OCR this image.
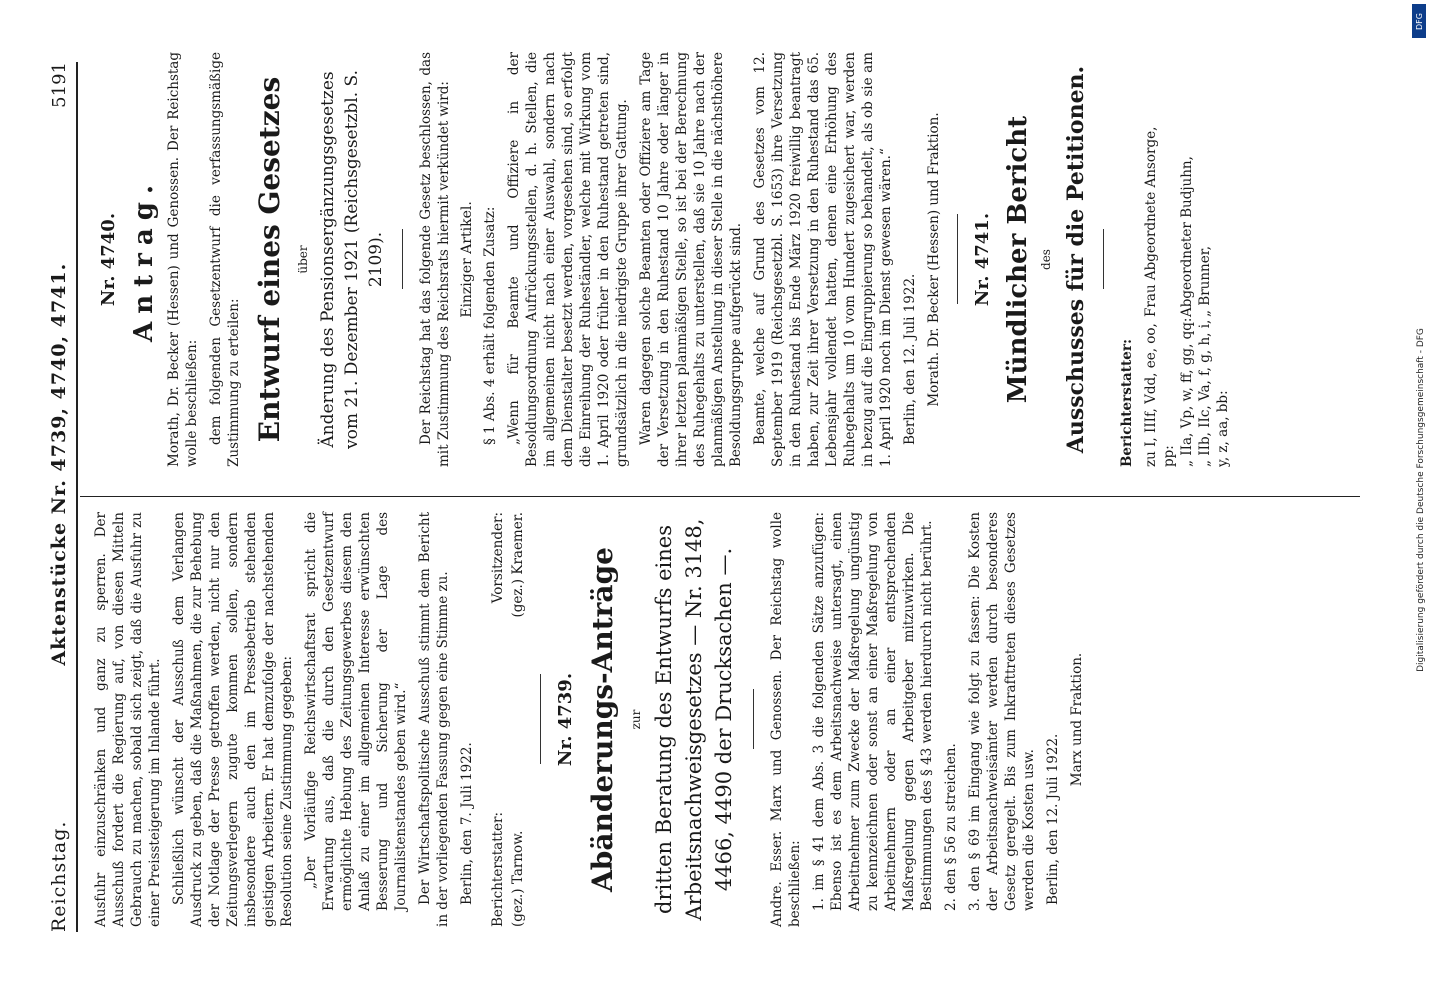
Reichstag.
Aktenstücke Nr. 4739, 4740, 4741.
5191

Ausfuhr einzuschränken und ganz zu sperren. Der Ausschuß fordert die Regierung auf, von diesen Mitteln Gebrauch zu machen, sobald sich zeigt, daß die Ausfuhr zu einer Preissteigerung im Inlande führt. Schließlich wünscht der Ausschuß dem Verlangen Ausdruck zu geben, daß die Maßnahmen, die zur Behebung der Notlage der Presse getroffen werden, nicht nur den Zeitungsverlegern zugute kommen sollen, sondern insbesondere auch den im Pressebetrieb stehenden geistigen Arbeitern. Er hat demzufolge der nachstehenden Resolution seine Zustimmung gegeben: „Der Vorläufige Reichswirtschaftsrat spricht die Erwartung aus, daß die durch den Gesetzentwurf ermöglichte Hebung des Zeitungsgewerbes diesem den Anlaß zu einer im allgemeinen Interesse erwünschten Besserung und Sicherung der Lage des Journalistenstandes geben wird.“ Der Wirtschaftspolitische Ausschuß stimmt dem Bericht in der vorliegenden Fassung gegen eine Stimme zu. Berlin, den 7. Juli 1922. Berichterstatter:
Vorsitzender:
(gez.) Tarnow.
(gez.) Kraemer.
Nr. 4739. Abänderungs-Anträge zur dritten Beratung des Entwurfs eines Arbeitsnachweisgesetzes — Nr. 3148, 4466, 4490 der Drucksachen —. Andre. Esser. Marx und Genossen. Der Reichstag wolle beschließen: 1. im § 41 dem Abs. 3 die folgenden Sätze anzufügen: Ebenso ist es dem Arbeitsnachweise untersagt, einen Arbeitnehmer zum Zwecke der Maßregelung ungünstig zu kennzeichnen oder sonst an einer Maßregelung von Arbeitnehmern oder an einer entsprechenden Maßregelung gegen Arbeitgeber mitzuwirken. Die Bestimmungen des § 43 werden hierdurch nicht berührt. 2. den § 56 zu streichen. 3. den § 69 im Eingang wie folgt zu fassen: Die Kosten der Arbeitsnachweisämter werden durch besonderes Gesetz geregelt. Bis zum Inkrafttreten dieses Gesetzes werden die Kosten usw. Berlin, den 12. Juli 1922.

Marx und Fraktion.

Nr. 4740. Antrag. Morath, Dr. Becker (Hessen) und Genossen. Der Reichstag wolle beschließen: dem folgenden Gesetzentwurf die verfassungsmäßige Zustimmung zu erteilen: Entwurf eines Gesetzes über Änderung des Pensionsergänzungsgesetzes vom 21. Dezember 1921 (Reichsgesetzbl. S. 2109). Der Reichstag hat das folgende Gesetz beschlossen, das mit Zustimmung des Reichsrats hiermit verkündet wird: Einziger Artikel. § 1 Abs. 4 erhält folgenden Zusatz: „Wenn für Beamte und Offiziere in der Besoldungsordnung Aufrückungsstellen, d. h. Stellen, die im allgemeinen nicht nach einer Auswahl, sondern nach dem Dienstalter besetzt werden, vorgesehen sind, so erfolgt die Einreihung der Ruheständler, welche mit Wirkung vom 1. April 1920 oder früher in den Ruhestand getreten sind, grundsätzlich in die niedrigste Gruppe ihrer Gattung. Waren dagegen solche Beamten oder Offiziere am Tage der Versetzung in den Ruhestand 10 Jahre oder länger in ihrer letzten planmäßigen Stelle, so ist bei der Berechnung des Ruhegehalts zu unterstellen, daß sie 10 Jahre nach der planmäßigen Anstellung in dieser Stelle in die nächsthöhere Besoldungsgruppe aufgerückt sind. Beamte, welche auf Grund des Gesetzes vom 12. September 1919 (Reichsgesetzbl. S. 1653) ihre Versetzung in den Ruhestand bis Ende März 1920 freiwillig beantragt haben, zur Zeit ihrer Versetzung in den Ruhestand das 65. Lebensjahr vollendet hatten, denen eine Erhöhung des Ruhegehalts um 10 vom Hundert zugesichert war, werden in bezug auf die Eingruppierung so behandelt, als ob sie am 1. April 1920 noch im Dienst gewesen wären.“ Berlin, den 12. Juli 1922. Morath. Dr. Becker (Hessen) und Fraktion. Nr. 4741. Mündlicher Bericht des Ausschusses für die Petitionen. Berichterstatter: zu I, IIIf, Vdd, ee, oo, pp:
Frau Abgeordnete Ansorge,
„ IIa, Vp, w, ff, gg, qq:
Abgeordneter Budjuhn,
„ IIb, IIc, Va, f, g, h, i, y, z, aa, bb:
„ Brunner,
Digitalisierung gefördert durch die Deutsche Forschungsgemeinschaft - DFG
DFG
